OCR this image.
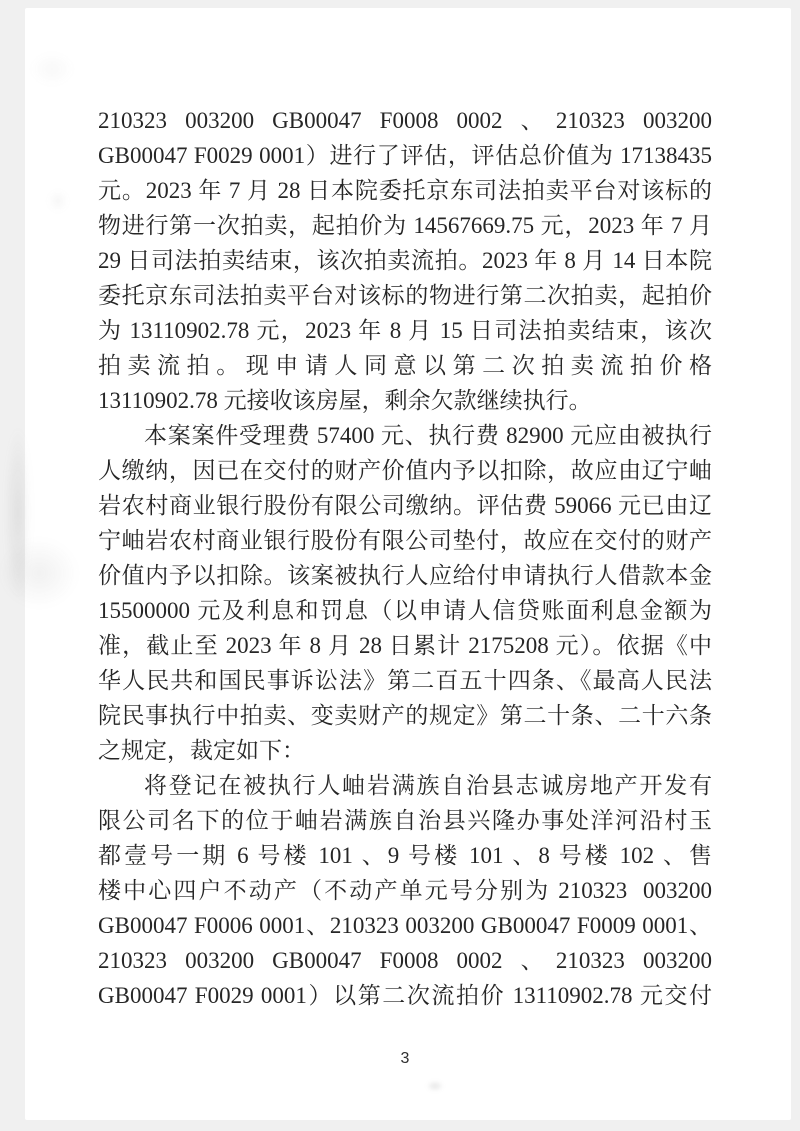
210323  003200  GB00047  F0008  0002  、 210323  003200
GB00047 F0029 0001）进行了评估，评估总价值为 17138435
元。2023 年 7 月 28 日本院委托京东司法拍卖平台对该标的
物进行第一次拍卖，起拍价为 14567669.75 元，2023 年 7 月
29 日司法拍卖结束，该次拍卖流拍。2023 年 8 月 14 日本院
委托京东司法拍卖平台对该标的物进行第二次拍卖，起拍价
为 13110902.78 元，2023 年 8 月 15 日司法拍卖结束，该次
拍卖流拍。现申请人同意以第二次拍卖流拍价格
13110902.78 元接收该房屋，剩余欠款继续执行。
本案案件受理费 57400 元、执行费 82900 元应由被执行
人缴纳，因已在交付的财产价值内予以扣除，故应由辽宁岫
岩农村商业银行股份有限公司缴纳。评估费 59066 元已由辽
宁岫岩农村商业银行股份有限公司垫付，故应在交付的财产
价值内予以扣除。该案被执行人应给付申请执行人借款本金
15500000 元及利息和罚息（以申请人信贷账面利息金额为
准，截止至 2023 年 8 月 28 日累计 2175208 元）。依据《中
华人民共和国民事诉讼法》第二百五十四条、《最高人民法
院民事执行中拍卖、变卖财产的规定》第二十条、二十六条
之规定，裁定如下：
将登记在被执行人岫岩满族自治县志诚房地产开发有
限公司名下的位于岫岩满族自治县兴隆办事处洋河沿村玉
都壹号一期 6 号楼 101 、9 号楼 101 、8 号楼 102 、售
楼中心四户不动产（不动产单元号分别为 210323  003200
GB00047 F0006 0001、210323 003200 GB00047 F0009 0001、
210323  003200  GB00047  F0008  0002  、 210323  003200
GB00047 F0029 0001）以第二次流拍价 13110902.78 元交付
3
